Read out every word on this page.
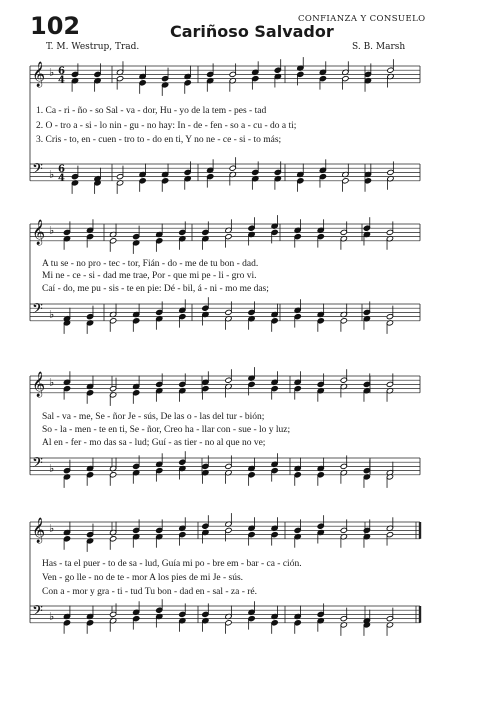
102	Cariñoso Salvador
CONFIANZA Y CONSUELO
T. M. Westrup, Trad.	S. B. Marsh
𝄞 ♭ 6
4
𝄢 ♭ 6
4
𝄞 ♭
𝄢 ♭
𝄞 ♭
𝄢 ♭
𝄞 ♭
𝄢 ♭
1. Ca - ri - ño - so Sal - va - dor, Hu - yo de la tem - pes - tad
A tu se - no pro - tec - tor, Fián - do - me de tu bon - dad.
Sal - va - me, Se - ñor Je - sús, De las o - las del tur - bión;
Has - ta el puer - to de sa - lud, Guía mi po - bre em - bar - ca - ción.
2. O - tro a - si - lo nin - gu - no hay: In - de - fen - so a - cu - do a ti;
Mi ne - ce - si - dad me trae, Por - que mi pe - li - gro vi.
So - la - men - te en ti, Se - ñor, Creo ha - llar con - sue - lo y luz;
Ven - go lle - no de te - mor A los pies de mi Je - sús.
3. Cris - to, en - cuen - tro to - do en ti, Y no ne - ce - si - to más;
Caí - do, me pu - sis - te en pie: Dé - bil, á - ni - mo me das;
Al en - fer - mo das sa - lud; Guí - as tier - no al que no ve;
Con a - mor y gra - ti - tud Tu bon - dad en - sal - za - ré.
